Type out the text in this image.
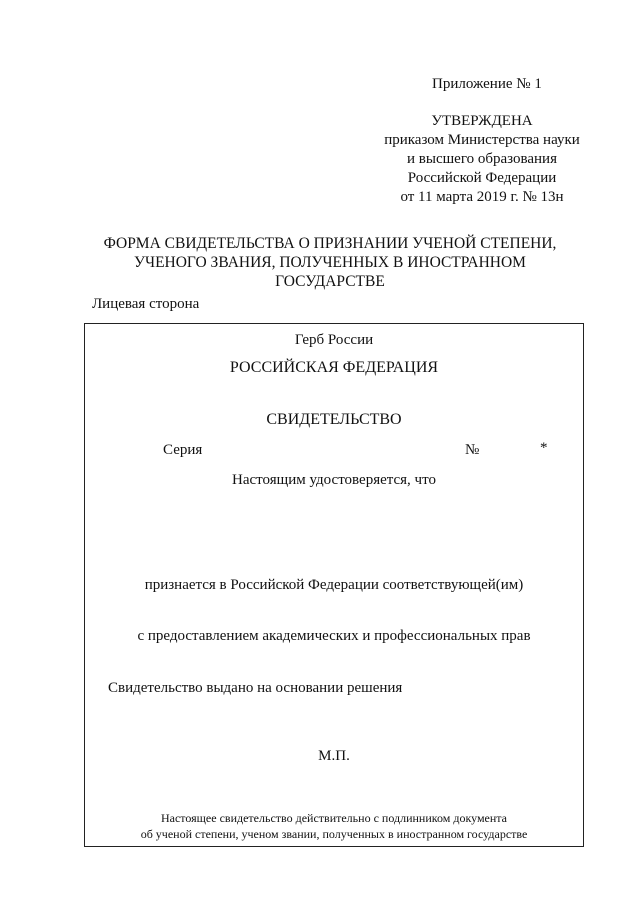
Приложение № 1
УТВЕРЖДЕНА
приказом Министерства науки
и высшего образования
Российской Федерации
от 11 марта 2019 г. № 13н
ФОРМА СВИДЕТЕЛЬСТВА О ПРИЗНАНИИ УЧЕНОЙ СТЕПЕНИ,
УЧЕНОГО ЗВАНИЯ, ПОЛУЧЕННЫХ В ИНОСТРАННОМ
ГОСУДАРСТВЕ
Лицевая сторона
Герб России
РОССИЙСКАЯ ФЕДЕРАЦИЯ
СВИДЕТЕЛЬСТВО
Серия	№	*
Настоящим удостоверяется, что
признается в Российской Федерации соответствующей(им)
с предоставлением академических и профессиональных прав
Свидетельство выдано на основании решения
М.П.
Настоящее свидетельство действительно с подлинником документа
об ученой степени, ученом звании, полученных в иностранном государстве
